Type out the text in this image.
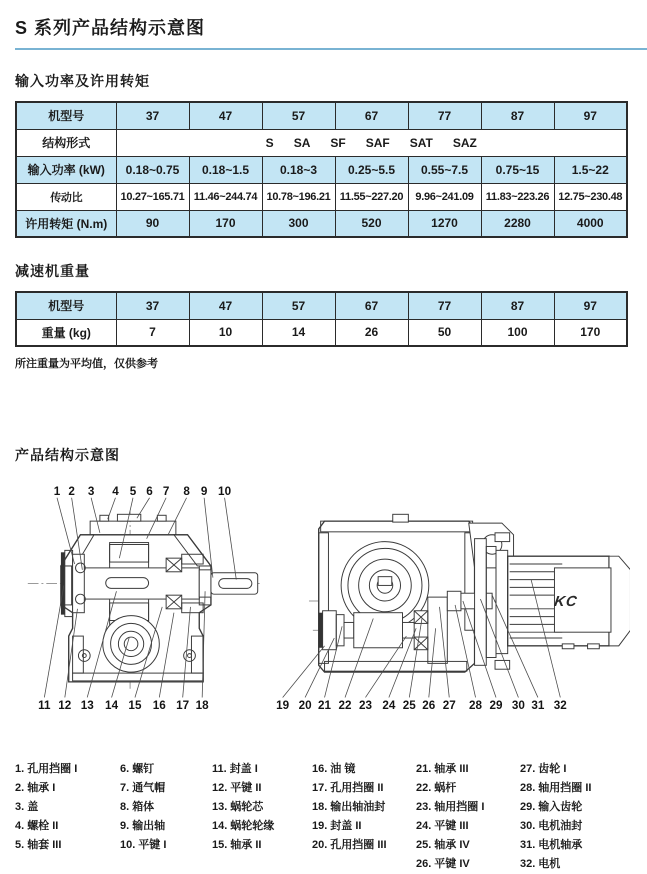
S 系列产品结构示意图
输入功率及许用转矩
机型号	37	47	57	67	77	87	97
结构形式	S SA SF SAF SAT SAZ

输入功率 (kW)	0.18~0.75	0.18~1.5	0.18~3	0.25~5.5	0.55~7.5	0.75~15	1.5~22
传动比	10.27~165.71	11.46~244.74	10.78~196.21	11.55~227.20	9.96~241.09	11.83~223.26	12.75~230.48
许用转矩 (N.m)	90	170	300	520	1270	2280	4000
减速机重量
机型号	37	47	57	67	77	87	97
重量 (kg)	7	10	14	26	50	100	170
所注重量为平均值，仅供参考
产品结构示意图
1 2 3 4 5 6 7 8 9 10
11 12 13 14 15 16 17 18
KC
19 20 21 22 23 24 25 26 27 28 29 30 31 32
1. 孔用挡圈 I
2. 轴承 I
3. 盖
4. 螺栓 II
5. 轴套 III
6. 螺钉
7. 通气帽
8. 箱体
9. 输出轴
10. 平键 I
11. 封盖 I
12. 平键 II
13. 蜗轮芯
14. 蜗轮轮缘
15. 轴承 II
16. 油 镜
17. 孔用挡圈 II
18. 输出轴油封
19. 封盖 II
20. 孔用挡圈 III
21. 轴承 III
22. 蜗杆
23. 轴用挡圈 I
24. 平键 III
25. 轴承 IV
26. 平键 IV
27. 齿轮 I
28. 轴用挡圈 II
29. 输入齿轮
30. 电机油封
31. 电机轴承
32. 电机
